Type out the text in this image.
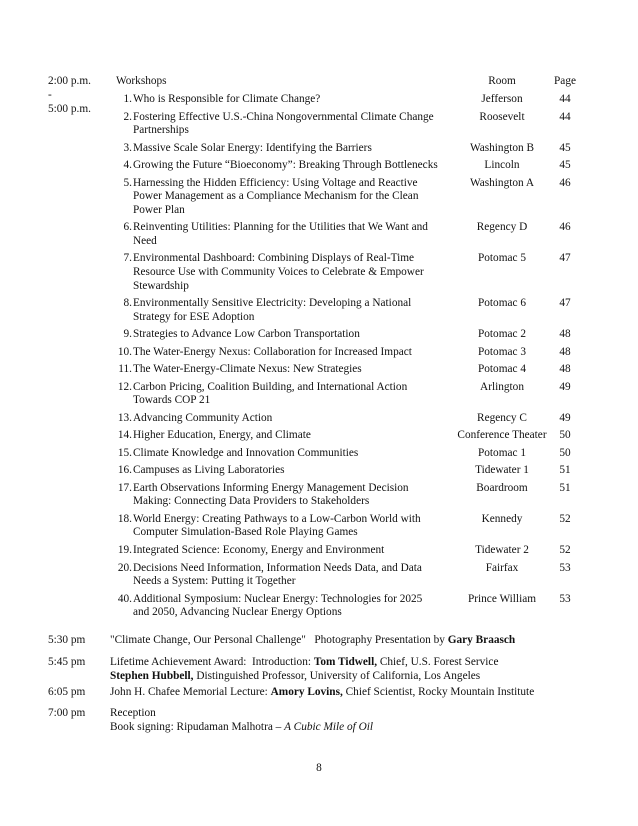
2:00 p.m.
-
5:00 p.m.
Workshops	Room	Page
1. Who is Responsible for Climate Change?	Jefferson	44
2. Fostering Effective U.S.-China Nongovernmental Climate Change
Partnerships
Roosevelt	44
3. Massive Scale Solar Energy: Identifying the Barriers	Washington B	45
4. Growing the Future “Bioeconomy”: Breaking Through Bottlenecks	Lincoln	45
5. Harnessing the Hidden Efficiency: Using Voltage and Reactive
Power Management as a Compliance Mechanism for the Clean
Power Plan
Washington A	46
6. Reinventing Utilities: Planning for the Utilities that We Want and
Need
Regency D	46
7. Environmental Dashboard: Combining Displays of Real-Time
Resource Use with Community Voices to Celebrate & Empower
Stewardship
Potomac 5	47
8. Environmentally Sensitive Electricity: Developing a National
Strategy for ESE Adoption
Potomac 6	47
9. Strategies to Advance Low Carbon Transportation	Potomac 2	48
10. The Water-Energy Nexus: Collaboration for Increased Impact	Potomac 3	48
11. The Water-Energy-Climate Nexus: New Strategies	Potomac 4	48
12. Carbon Pricing, Coalition Building, and International Action
Towards COP 21
Arlington	49
13. Advancing Community Action	Regency C	49
14. Higher Education, Energy, and Climate	Conference Theater	50
15. Climate Knowledge and Innovation Communities	Potomac 1	50
16. Campuses as Living Laboratories	Tidewater 1	51
17. Earth Observations Informing Energy Management Decision
Making: Connecting Data Providers to Stakeholders
Boardroom	51
18. World Energy: Creating Pathways to a Low-Carbon World with
Computer Simulation-Based Role Playing Games
Kennedy	52
19. Integrated Science: Economy, Energy and Environment	Tidewater 2	52
20. Decisions Need Information, Information Needs Data, and Data
Needs a System: Putting it Together
Fairfax	53
40. Additional Symposium: Nuclear Energy: Technologies for 2025
and 2050, Advancing Nuclear Energy Options
Prince William	53
5:30 pm "Climate Change, Our Personal Challenge"   Photography Presentation by Gary Braasch
5:45 pm Lifetime Achievement Award:  Introduction: Tom Tidwell, Chief, U.S. Forest Service
Stephen Hubbell, Distinguished Professor, University of California, Los Angeles
6:05 pm John H. Chafee Memorial Lecture: Amory Lovins, Chief Scientist, Rocky Mountain Institute
7:00 pm Reception
Book signing: Ripudaman Malhotra – A Cubic Mile of Oil
8
